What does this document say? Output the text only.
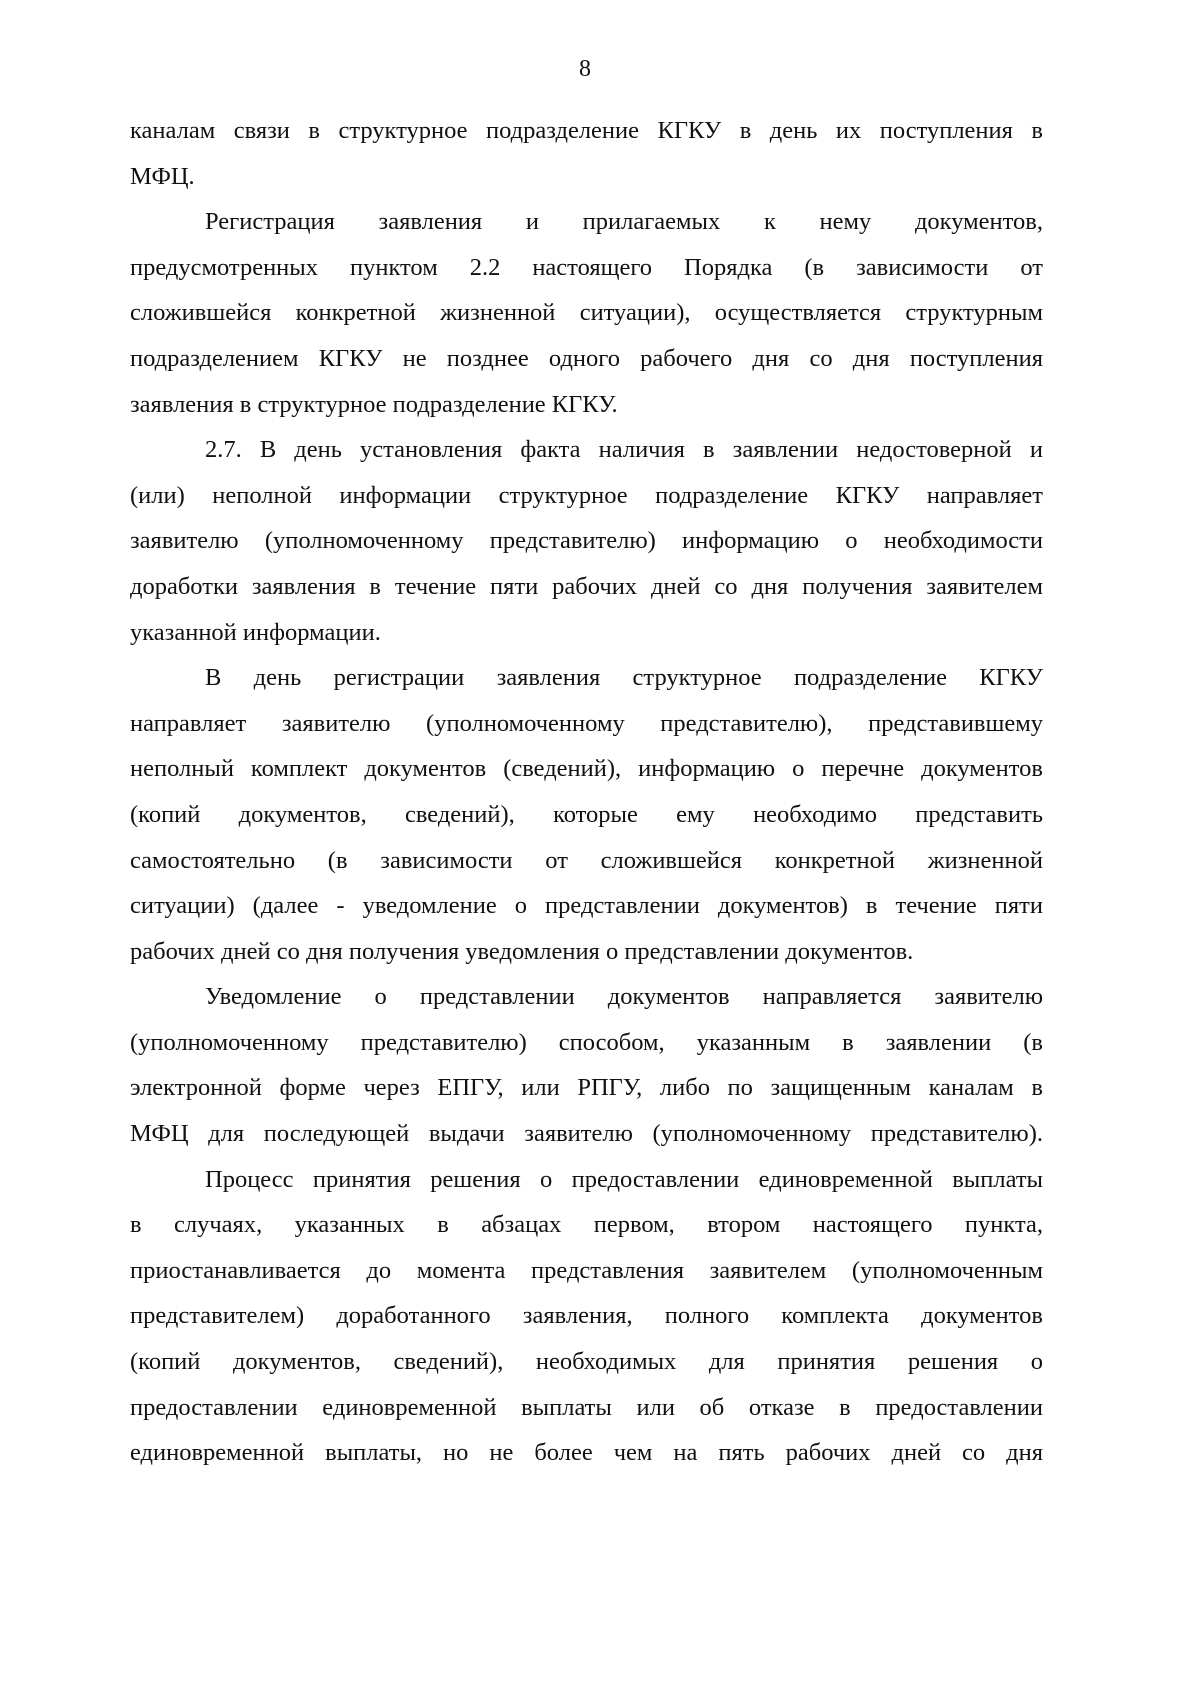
8
каналам связи в структурное подразделение КГКУ в день их поступления в
МФЦ.
Регистрация заявления и прилагаемых к нему документов,
предусмотренных пунктом 2.2 настоящего Порядка (в зависимости от
сложившейся конкретной жизненной ситуации), осуществляется структурным
подразделением КГКУ не позднее одного рабочего дня со дня поступления
заявления в структурное подразделение КГКУ.
2.7. В день установления факта наличия в заявлении недостоверной и
(или) неполной информации структурное подразделение КГКУ направляет
заявителю (уполномоченному представителю) информацию о необходимости
доработки заявления в течение пяти рабочих дней со дня получения заявителем
указанной информации.
В день регистрации заявления структурное подразделение КГКУ
направляет заявителю (уполномоченному представителю), представившему
неполный комплект документов (сведений), информацию о перечне документов
(копий документов, сведений), которые ему необходимо представить
самостоятельно (в зависимости от сложившейся конкретной жизненной
ситуации) (далее - уведомление о представлении документов) в течение пяти
рабочих дней со дня получения уведомления о представлении документов.
Уведомление о представлении документов направляется заявителю
(уполномоченному представителю) способом, указанным в заявлении (в
электронной форме через ЕПГУ, или РПГУ, либо по защищенным каналам в
МФЦ для последующей выдачи заявителю (уполномоченному представителю).
Процесс принятия решения о предоставлении единовременной выплаты
в случаях, указанных в абзацах первом, втором настоящего пункта,
приостанавливается до момента представления заявителем (уполномоченным
представителем) доработанного заявления, полного комплекта документов
(копий документов, сведений), необходимых для принятия решения о
предоставлении единовременной выплаты или об отказе в предоставлении
единовременной выплаты, но не более чем на пять рабочих дней со дня
